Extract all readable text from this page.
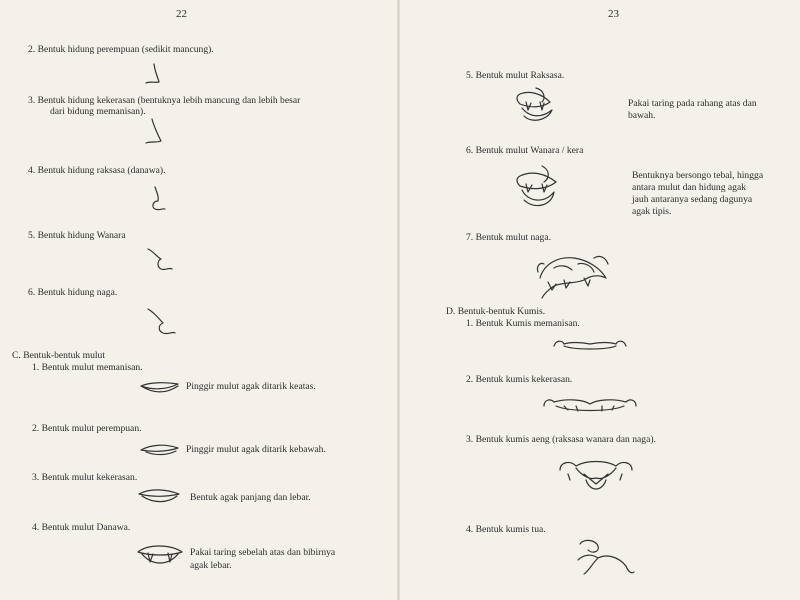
22
2. Bentuk hidung perempuan (sedikit mancung).
3. Bentuk hidung kekerasan (bentuknya lebih mancung dan lebih besar
dari bidung memanisan).
4. Bentuk hidung raksasa (danawa).
5. Bentuk hidung Wanara
6. Bentuk hidung naga.
C. Bentuk-bentuk mulut
1. Bentuk mulut memanisan.
Pinggir mulut agak ditarik keatas.
2. Bentuk mulut perempuan.
Pinggir mulut agak ditarik kebawah.
3. Bentuk mulut kekerasan.
Bentuk agak panjang dan lebar.
4. Bentuk mulut Danawa.
Pakai taring sebelah atas dan bibirnya
agak lebar.
23
5. Bentuk mulut Raksasa.
Pakai taring pada rahang atas dan
bawah.
6. Bentuk mulut Wanara / kera
Bentuknya bersongo tebal, hingga
antara mulut dan hidung agak
jauh antaranya sedang dagunya
agak tipis.
7. Bentuk mulut naga.
D. Bentuk-bentuk Kumis.
1. Bentuk Kumis memanisan.
2. Bentuk kumis kekerasan.
3. Bentuk kumis aeng (raksasa wanara dan naga).
4. Bentuk kumis tua.
